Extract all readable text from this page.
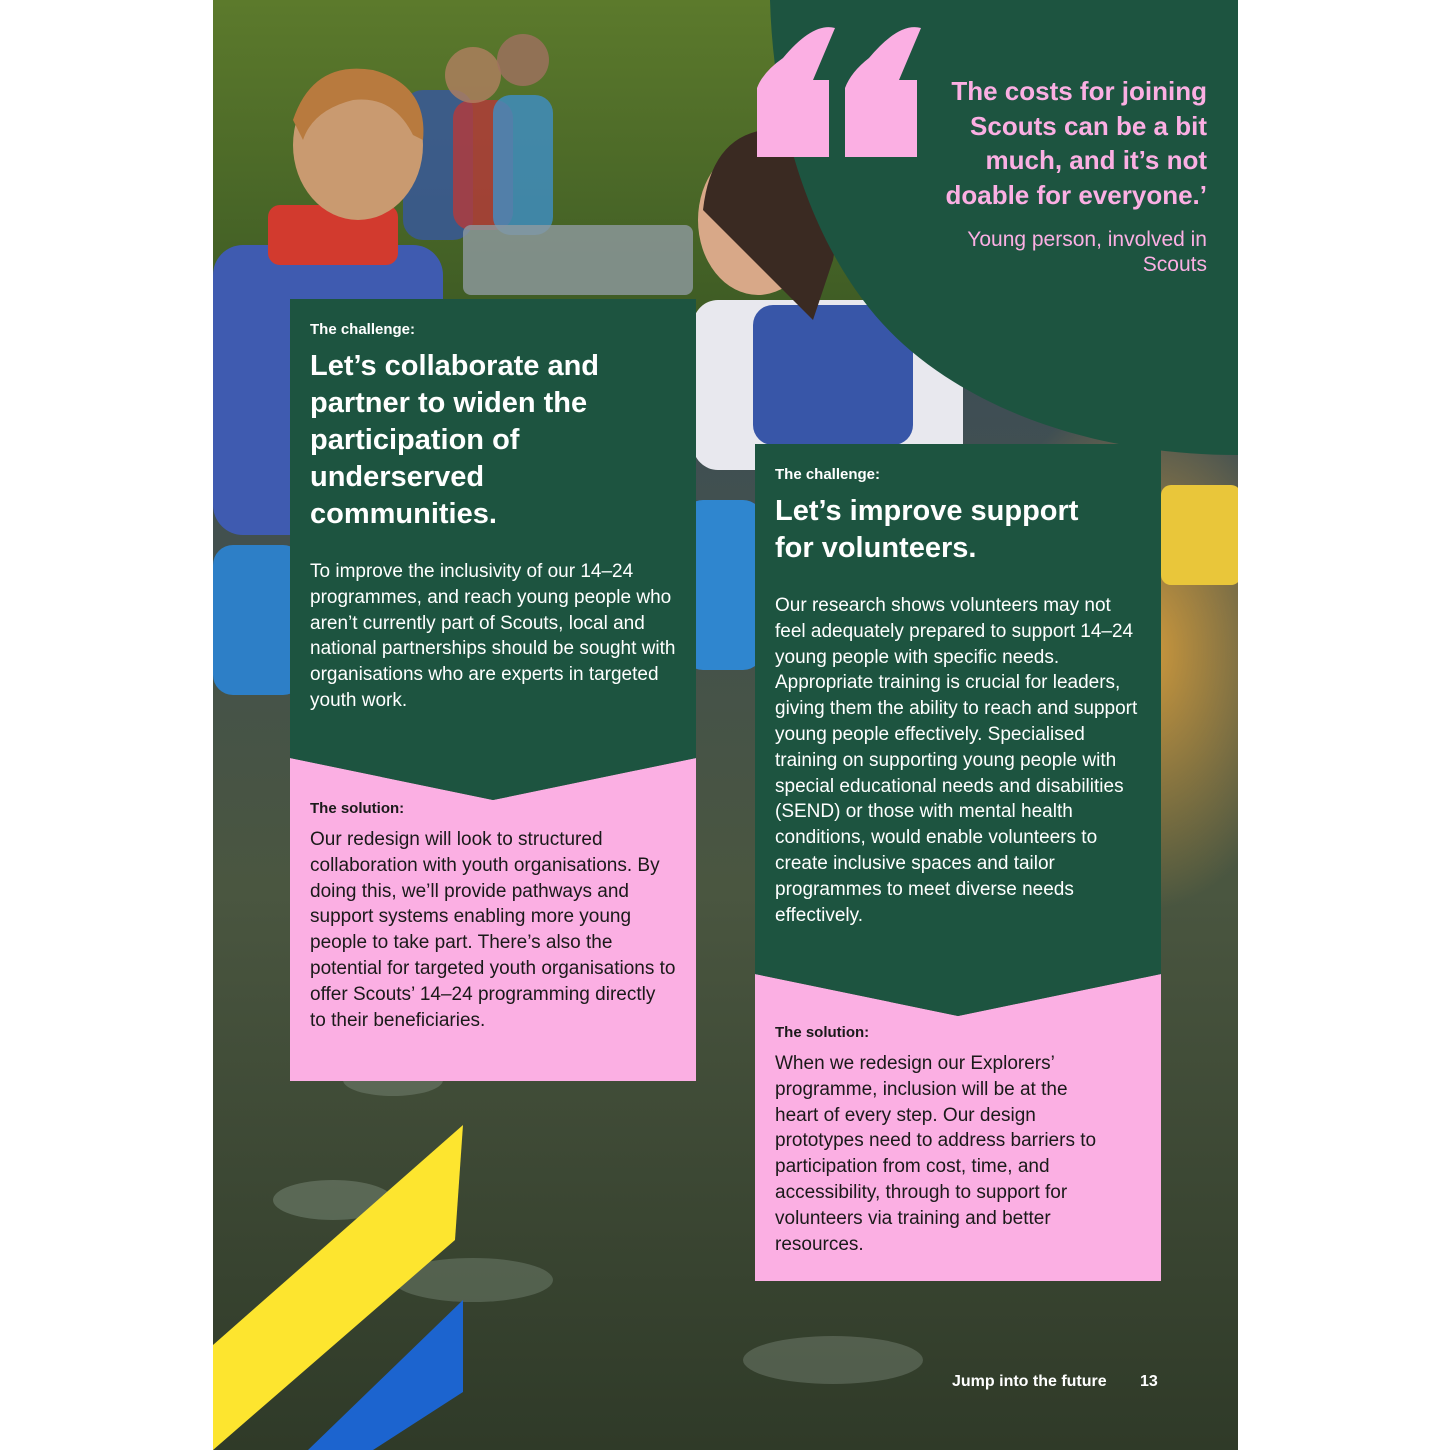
The costs for joining Scouts can be a bit much, and it’s not doable for everyone.’

Young person, involved in Scouts

The challenge:

Let’s collaborate and partner to widen the participation of underserved communities.

To improve the inclusivity of our 14–24 programmes, and reach young people who aren’t currently part of Scouts, local and national partnerships should be sought with organisations who are experts in targeted youth work.

The solution:

Our redesign will look to structured collaboration with youth organisations. By doing this, we’ll provide pathways and support systems enabling more young people to take part. There’s also the potential for targeted youth organisations to offer Scouts’ 14–24 programming directly to their beneficiaries.

The challenge:

Let’s improve support for volunteers.

Our research shows volunteers may not feel adequately prepared to support 14–24 young people with specific needs. Appropriate training is crucial for leaders, giving them the ability to reach and support young people effectively. Specialised training on supporting young people with special educational needs and disabilities (SEND) or those with mental health conditions, would enable volunteers to create inclusive spaces and tailor programmes to meet diverse needs effectively.

The solution:

When we redesign our Explorers’ programme, inclusion will be at the heart of every step. Our design prototypes need to address barriers to participation from cost, time, and accessibility, through to support for volunteers via training and better resources.

Jump into the future 13
